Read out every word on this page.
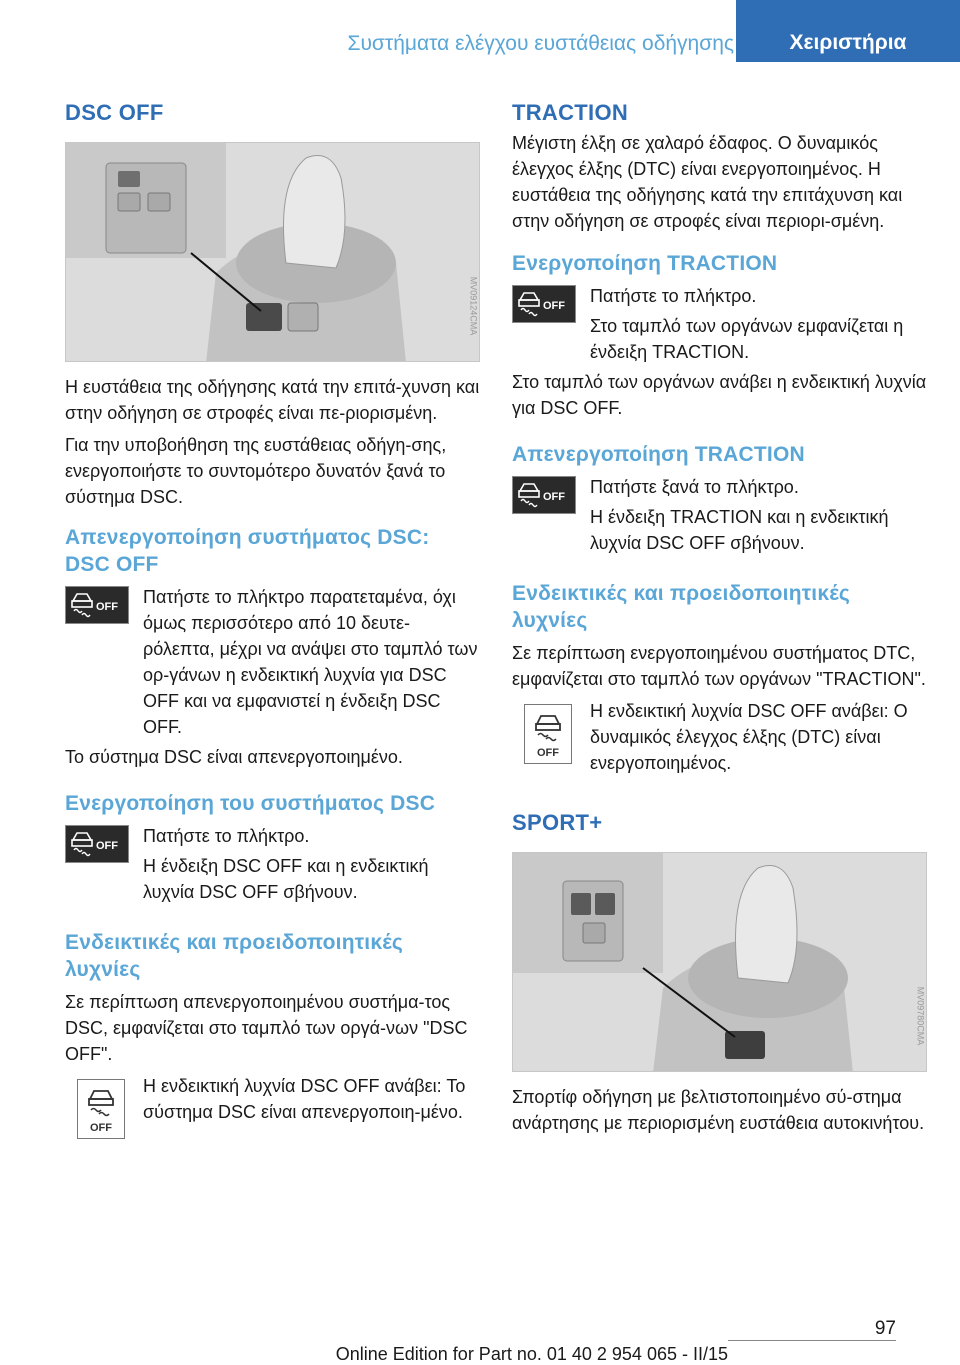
Συστήματα ελέγχου ευστάθειας οδήγησης	Χειριστήρια
DSC OFF
MV09124CMA

Η ευστάθεια της οδήγησης κατά την επιτά-χυνση και στην οδήγηση σε στροφές είναι πε-ριορισμένη.

Για την υποβοήθηση της ευστάθειας οδήγη-σης, ενεργοποιήστε το συντομότερο δυνατόν ξανά το σύστημα DSC.

Απενεργοποίηση συστήματος DSC: DSC OFF
OFF Πατήστε το πλήκτρο παρατεταμένα, όχι όμως περισσότερο από 10 δευτε-ρόλεπτα, μέχρι να ανάψει στο ταμπλό των ορ-γάνων η ενδεικτική λυχνία για DSC OFF και να εμφανιστεί η ένδειξη DSC OFF.

Το σύστημα DSC είναι απενεργοποιημένο.

Ενεργοποίηση του συστήματος DSC
OFF Πατήστε το πλήκτρο.

Η ένδειξη DSC OFF και η ενδεικτική λυχνία DSC OFF σβήνουν.

Ενδεικτικές και προειδοποιητικές λυχνίες

Σε περίπτωση απενεργοποιημένου συστήμα-τος DSC, εμφανίζεται στο ταμπλό των οργά-νων "DSC OFF".

OFF

Η ενδεικτική λυχνία DSC OFF ανάβει: Το σύστημα DSC είναι απενεργοποιη-μένο.

TRACTION

Μέγιστη έλξη σε χαλαρό έδαφος. Ο δυναμικός έλεγχος έλξης (DTC) είναι ενεργοποιημένος. Η ευστάθεια της οδήγησης κατά την επιτάχυνση και στην οδήγηση σε στροφές είναι περιορι-σμένη.

Ενεργοποίηση TRACTION
OFF Πατήστε το πλήκτρο.

Στο ταμπλό των οργάνων εμφανίζεται η ένδειξη TRACTION.

Στο ταμπλό των οργάνων ανάβει η ενδεικτική λυχνία για DSC OFF.

Απενεργοποίηση TRACTION
OFF Πατήστε ξανά το πλήκτρο.

Η ένδειξη TRACTION και η ενδεικτική λυχνία DSC OFF σβήνουν.

Ενδεικτικές και προειδοποιητικές λυχνίες

Σε περίπτωση ενεργοποιημένου συστήματος DTC, εμφανίζεται στο ταμπλό των οργάνων "TRACTION".

OFF

Η ενδεικτική λυχνία DSC OFF ανάβει: Ο δυναμικός έλεγχος έλξης (DTC) είναι ενεργοποιημένος.

SPORT+
MV09780CMA

Σπορτίφ οδήγηση με βελτιστοποιημένο σύ-στημα ανάρτησης με περιορισμένη ευστάθεια αυτοκινήτου.

97
Online Edition for Part no. 01 40 2 954 065 - II/15
